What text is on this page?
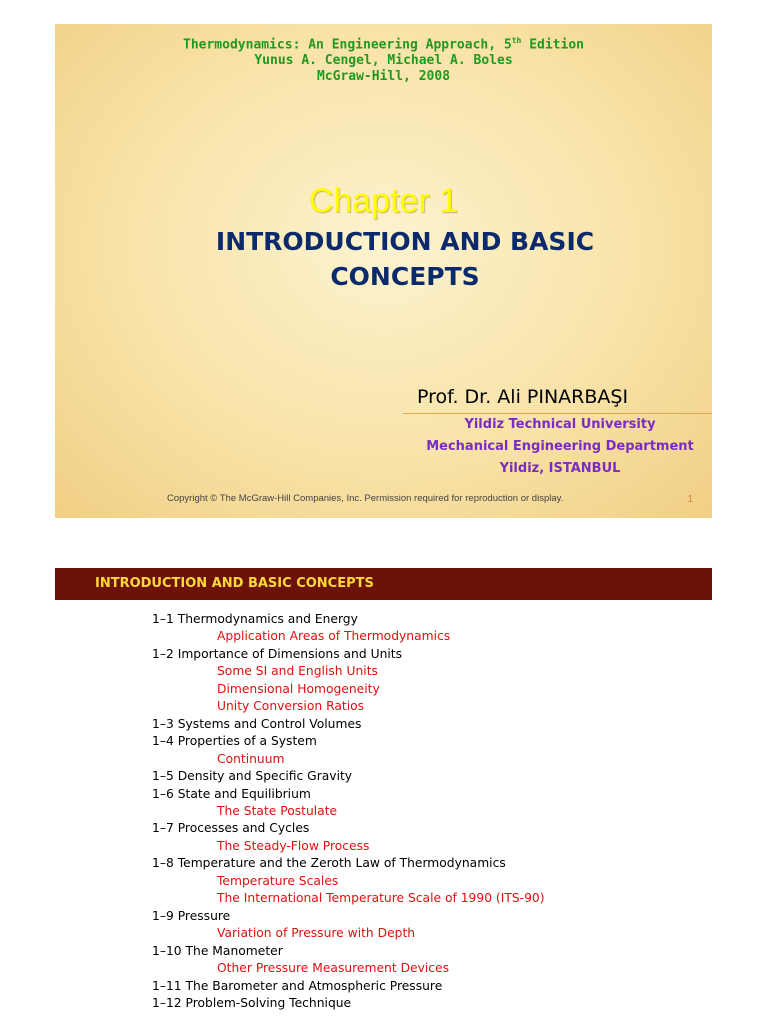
Thermodynamics: An Engineering Approach, 5th Edition
Yunus A. Cengel, Michael A. Boles
McGraw-Hill, 2008
Chapter 1
INTRODUCTION AND BASIC
CONCEPTS
Prof. Dr. Ali PINARBAŞI
Yildiz Technical University
Mechanical Engineering Department
Yildiz, ISTANBUL
Copyright © The McGraw-Hill Companies, Inc. Permission required for reproduction or display.	1
INTRODUCTION AND BASIC CONCEPTS
1–1 Thermodynamics and Energy
Application Areas of Thermodynamics
1–2 Importance of Dimensions and Units
Some SI and English Units
Dimensional Homogeneity
Unity Conversion Ratios
1–3 Systems and Control Volumes
1–4 Properties of a System
Continuum
1–5 Density and Specific Gravity
1–6 State and Equilibrium
The State Postulate
1–7 Processes and Cycles
The Steady-Flow Process
1–8 Temperature and the Zeroth Law of Thermodynamics
Temperature Scales
The International Temperature Scale of 1990 (ITS-90)
1–9 Pressure
Variation of Pressure with Depth
1–10 The Manometer
Other Pressure Measurement Devices
1–11 The Barometer and Atmospheric Pressure
1–12 Problem-Solving Technique
